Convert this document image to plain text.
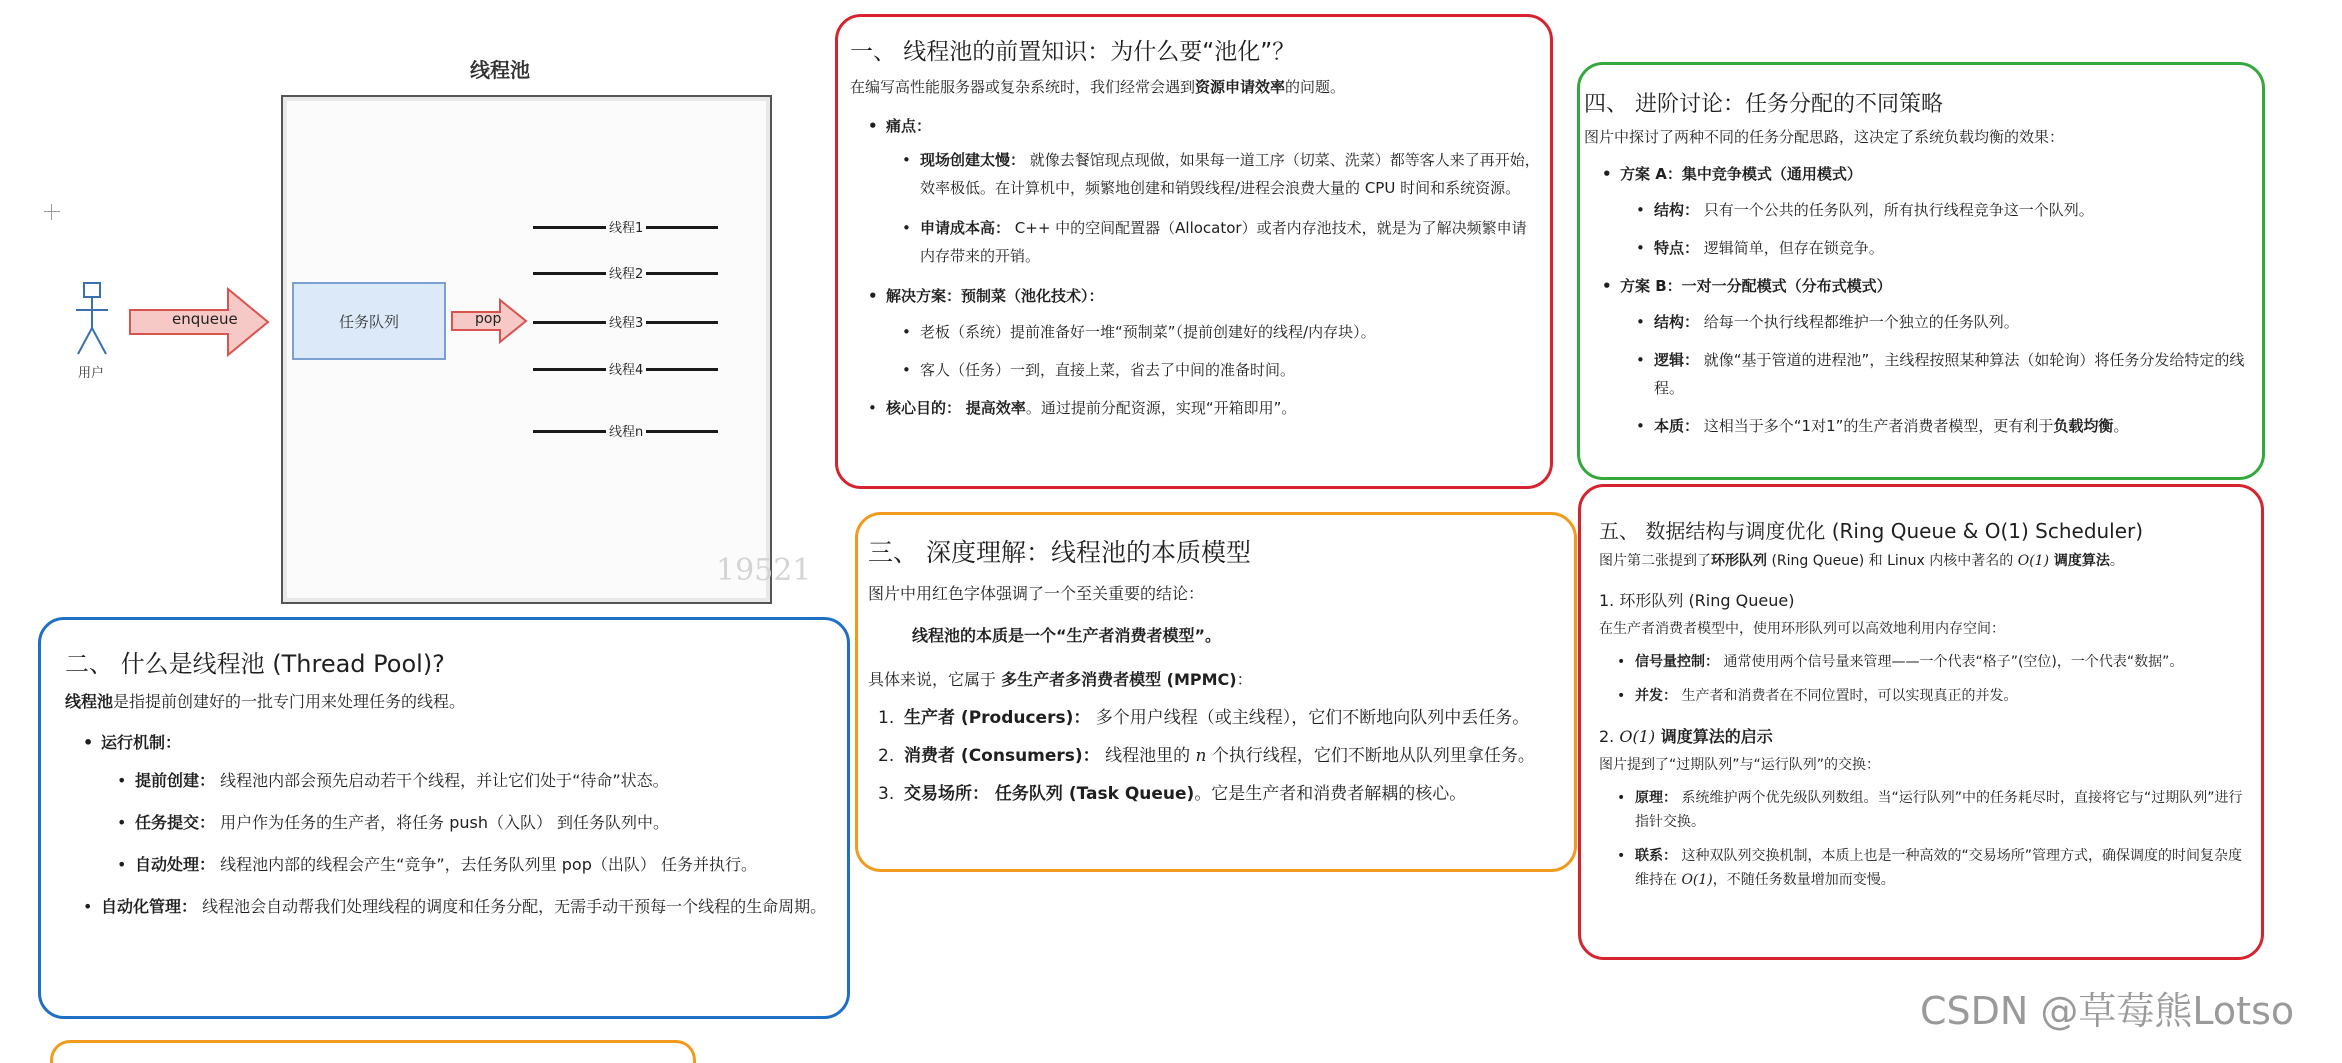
线程池
用户
enqueue	任务队列	pop
线程1
线程2
线程3
线程4
线程n
19521
一、 线程池的前置知识：为什么要“池化”？

在编写高性能服务器或复杂系统时，我们经常会遇到资源申请效率的问题。

• 痛点：
• 现场创建太慢： 就像去餐馆现点现做，如果每一道工序（切菜、洗菜）都等客人来了再开始，效率极低。在计算机中，频繁地创建和销毁线程/进程会浪费大量的 CPU 时间和系统资源。
• 申请成本高： C++ 中的空间配置器（Allocator）或者内存池技术，就是为了解决频繁申请内存带来的开销。
• 解决方案：预制菜（池化技术）：
• 老板（系统）提前准备好一堆“预制菜”（提前创建好的线程/内存块）。
• 客人（任务）一到，直接上菜，省去了中间的准备时间。
• 核心目的： 提高效率。通过提前分配资源，实现“开箱即用”。
二、 什么是线程池 (Thread Pool)?

线程池是指提前创建好的一批专门用来处理任务的线程。

• 运行机制：
• 提前创建： 线程池内部会预先启动若干个线程，并让它们处于“待命”状态。
• 任务提交： 用户作为任务的生产者，将任务 push（入队） 到任务队列中。
• 自动处理： 线程池内部的线程会产生“竞争”，去任务队列里 pop（出队） 任务并执行。
• 自动化管理： 线程池会自动帮我们处理线程的调度和任务分配，无需手动干预每一个线程的生命周期。
三、 深度理解：线程池的本质模型

图片中用红色字体强调了一个至关重要的结论：

线程池的本质是一个“生产者消费者模型”。

具体来说，它属于 多生产者多消费者模型 (MPMC)：

1. 生产者 (Producers)： 多个用户线程（或主线程），它们不断地向队列中丢任务。
2. 消费者 (Consumers)： 线程池里的 n 个执行线程，它们不断地从队列里拿任务。
3. 交易场所： 任务队列 (Task Queue)。它是生产者和消费者解耦的核心。
四、 进阶讨论：任务分配的不同策略

图片中探讨了两种不同的任务分配思路，这决定了系统负载均衡的效果：

• 方案 A：集中竞争模式（通用模式）
• 结构： 只有一个公共的任务队列，所有执行线程竞争这一个队列。
• 特点： 逻辑简单，但存在锁竞争。
• 方案 B：一对一分配模式（分布式模式）
• 结构： 给每一个执行线程都维护一个独立的任务队列。
• 逻辑： 就像“基于管道的进程池”，主线程按照某种算法（如轮询）将任务分发给特定的线程。
• 本质： 这相当于多个“1对1”的生产者消费者模型，更有利于负载均衡。
五、 数据结构与调度优化 (Ring Queue & O(1) Scheduler)

图片第二张提到了环形队列 (Ring Queue) 和 Linux 内核中著名的 O(1) 调度算法。

1. 环形队列 (Ring Queue)

在生产者消费者模型中，使用环形队列可以高效地利用内存空间：

• 信号量控制： 通常使用两个信号量来管理——一个代表“格子”(空位)，一个代表“数据”。
• 并发： 生产者和消费者在不同位置时，可以实现真正的并发。

2. O(1) 调度算法的启示

图片提到了“过期队列”与“运行队列”的交换：

• 原理： 系统维护两个优先级队列数组。当“运行队列”中的任务耗尽时，直接将它与“过期队列”进行指针交换。
• 联系： 这种双队列交换机制，本质上也是一种高效的“交易场所”管理方式，确保调度的时间复杂度维持在 O(1)，不随任务数量增加而变慢。
CSDN @草莓熊Lotso
